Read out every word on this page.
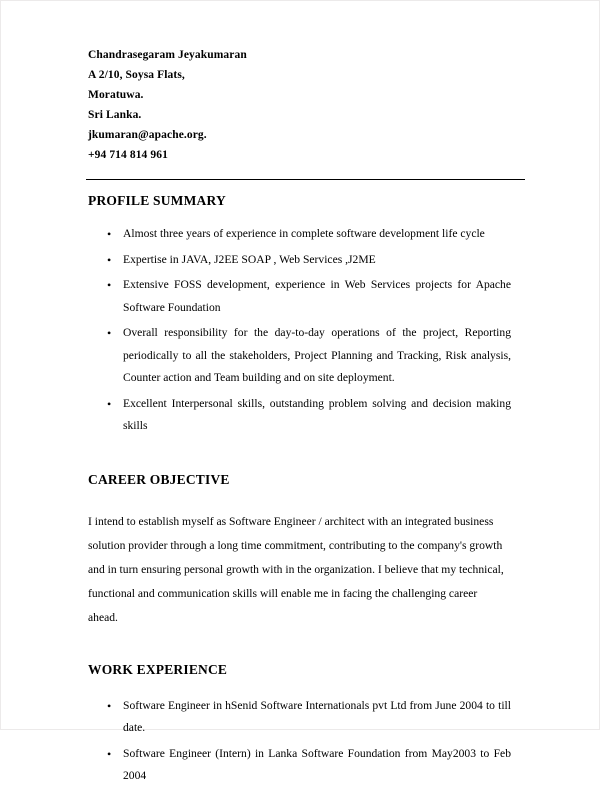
Chandrasegaram Jeyakumaran
A 2/10, Soysa Flats,
Moratuwa.
Sri Lanka.
jkumaran@apache.org.
+94 714 814 961
PROFILE SUMMARY
• Almost three years of experience in complete software development life cycle
• Expertise in JAVA, J2EE SOAP , Web Services ,J2ME
• Extensive FOSS development, experience in Web Services projects for Apache Software Foundation
• Overall responsibility for the day-to-day operations of the project, Reporting periodically to all the stakeholders, Project Planning and Tracking, Risk analysis, Counter action and Team building and on site deployment.
• Excellent Interpersonal skills, outstanding problem solving and decision making skills
CAREER OBJECTIVE
I intend to establish myself as Software Engineer / architect with an integrated business
solution provider through a long time commitment, contributing to the company's growth
and in turn ensuring personal growth with in the organization. I believe that my technical,
functional and communication skills will enable me in facing the challenging career
ahead.
WORK EXPERIENCE
• Software Engineer in hSenid Software Internationals pvt Ltd from June 2004 to till date.
• Software Engineer (Intern) in Lanka Software Foundation from May2003 to Feb 2004
